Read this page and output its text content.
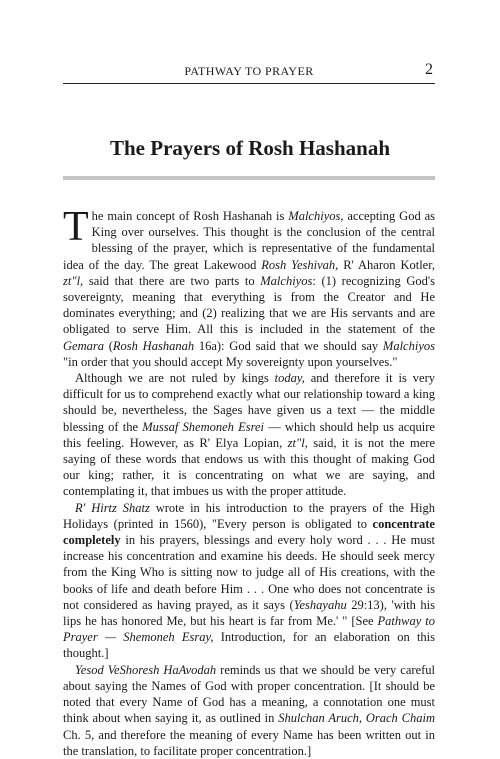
PATHWAY TO PRAYER	2
The Prayers of Rosh Hashanah

The main concept of Rosh Hashanah is Malchiyos, accepting God as King over ourselves. This thought is the conclusion of the central blessing of the prayer, which is representative of the fundamental idea of the day. The great Lakewood Rosh Yeshivah, R' Aharon Kotler, zt"l, said that there are two parts to Malchiyos: (1) recognizing God's sovereignty, meaning that everything is from the Creator and He dominates everything; and (2) realizing that we are His servants and are obligated to serve Him. All this is included in the statement of the Gemara (Rosh Hashanah 16a): God said that we should say Malchiyos "in order that you should accept My sovereignty upon yourselves."

Although we are not ruled by kings today, and therefore it is very difficult for us to comprehend exactly what our relationship toward a king should be, nevertheless, the Sages have given us a text — the middle blessing of the Mussaf Shemoneh Esrei — which should help us acquire this feeling. However, as R' Elya Lopian, zt"l, said, it is not the mere saying of these words that endows us with this thought of making God our king; rather, it is concentrating on what we are saying, and contemplating it, that imbues us with the proper attitude.

R' Hirtz Shatz wrote in his introduction to the prayers of the High Holidays (printed in 1560), "Every person is obligated to concentrate completely in his prayers, blessings and every holy word . . . He must increase his concentration and examine his deeds. He should seek mercy from the King Who is sitting now to judge all of His creations, with the books of life and death before Him . . . One who does not concentrate is not considered as having prayed, as it says (Yeshayahu 29:13), 'with his lips he has honored Me, but his heart is far from Me.' " [See Pathway to Prayer — Shemoneh Esray, Introduction, for an elaboration on this thought.]

Yesod VeShoresh HaAvodah reminds us that we should be very careful about saying the Names of God with proper concentration. [It should be noted that every Name of God has a meaning, a connotation one must think about when saying it, as outlined in Shulchan Aruch, Orach Chaim Ch. 5, and therefore the meaning of every Name has been written out in the translation, to facilitate proper concentration.]
